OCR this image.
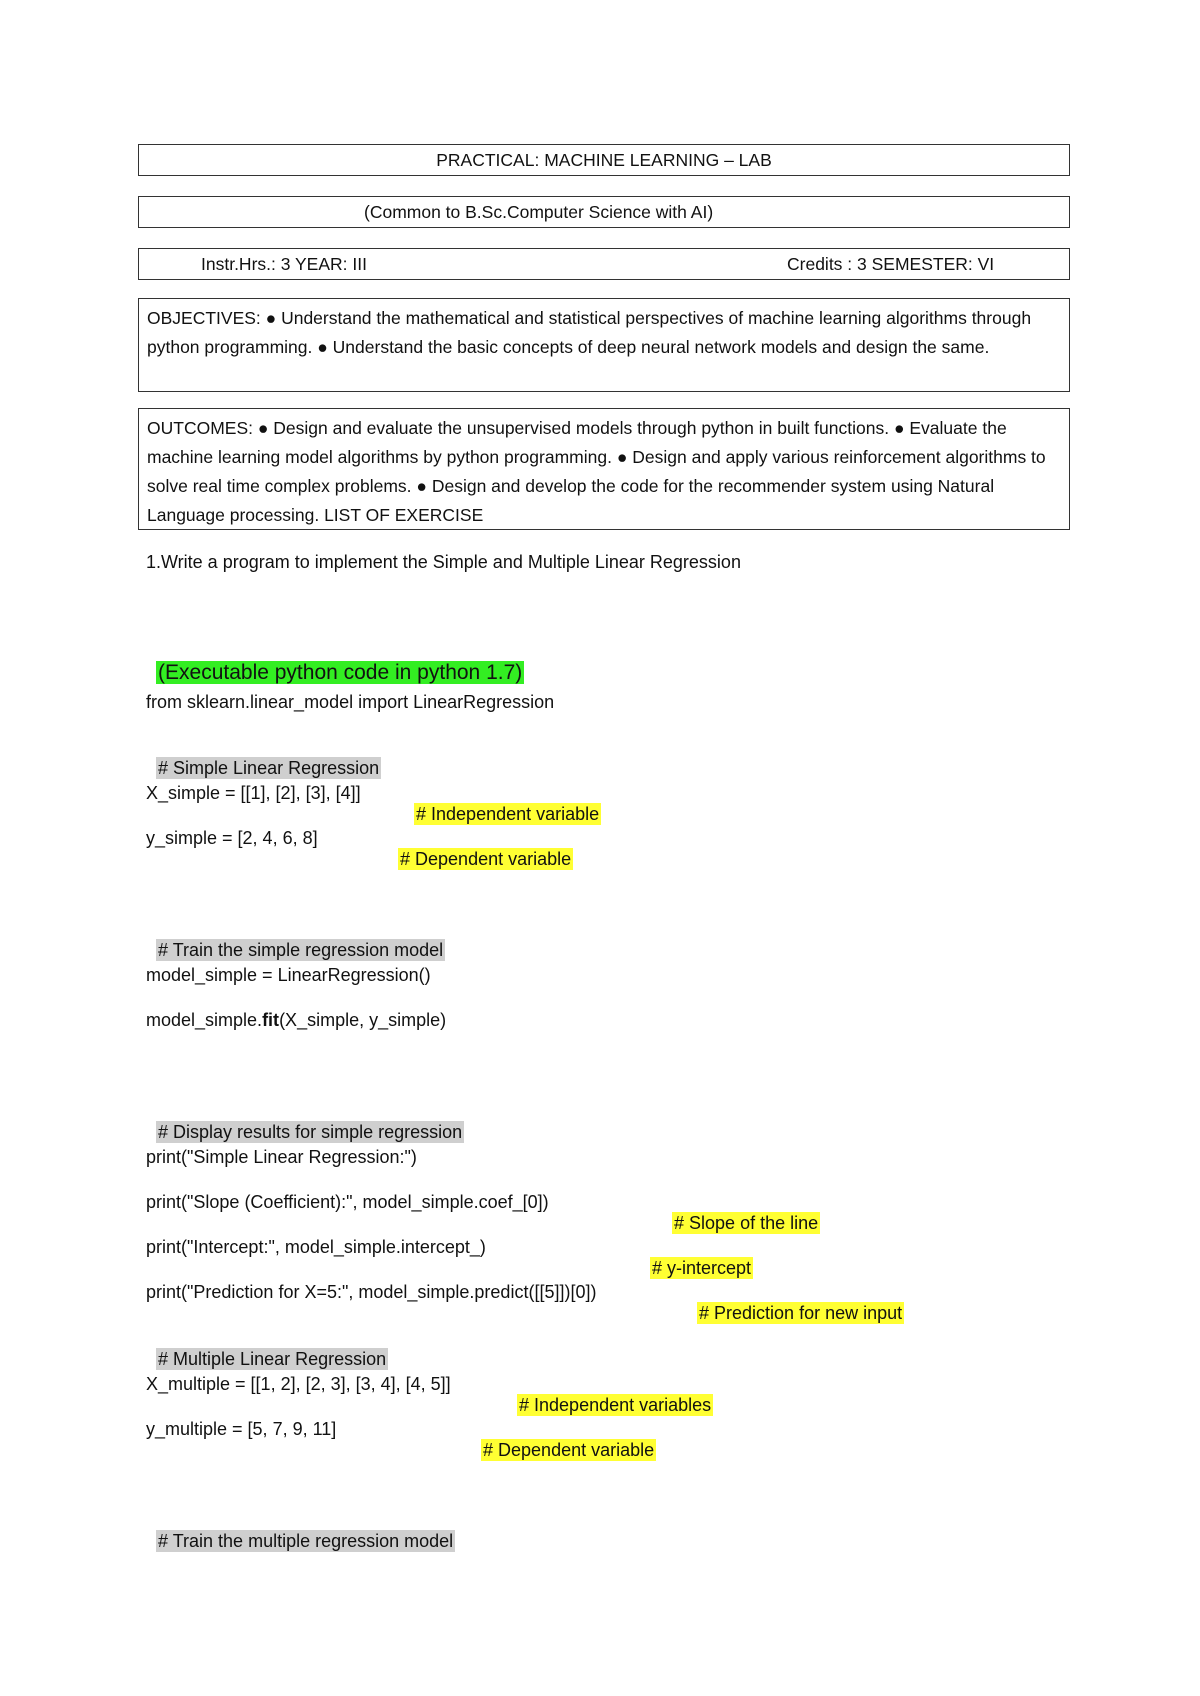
PRACTICAL: MACHINE LEARNING – LAB
(Common to B.Sc.Computer Science with AI)
Instr.Hrs.: 3 YEAR: III	Credits : 3 SEMESTER: VI
OBJECTIVES: ● Understand the mathematical and statistical perspectives of machine learning algorithms through python programming. ● Understand the basic concepts of deep neural network models and design the same.
OUTCOMES: ● Design and evaluate the unsupervised models through python in built functions. ● Evaluate the machine learning model algorithms by python programming. ● Design and apply various reinforcement algorithms to solve real time complex problems. ● Design and develop the code for the recommender system using Natural Language processing. LIST OF EXERCISE
1.Write a program to implement the Simple and Multiple Linear Regression

(Executable python code in python 1.7)

from sklearn.linear_model import LinearRegression

# Simple Linear Regression

X_simple = [[1], [2], [3], [4]]

# Independent variable

y_simple = [2, 4, 6, 8]

# Dependent variable

# Train the simple regression model

model_simple = LinearRegression()
model_simple.fit(X_simple, y_simple)

# Display results for simple regression

print("Simple Linear Regression:")
print("Slope (Coefficient):", model_simple.coef_[0])

# Slope of the line

print("Intercept:", model_simple.intercept_)

# y-intercept

print("Prediction for X=5:", model_simple.predict([[5]])[0])

# Prediction for new input

# Multiple Linear Regression

X_multiple = [[1, 2], [2, 3], [3, 4], [4, 5]]

# Independent variables

y_multiple = [5, 7, 9, 11]

# Dependent variable

# Train the multiple regression model
